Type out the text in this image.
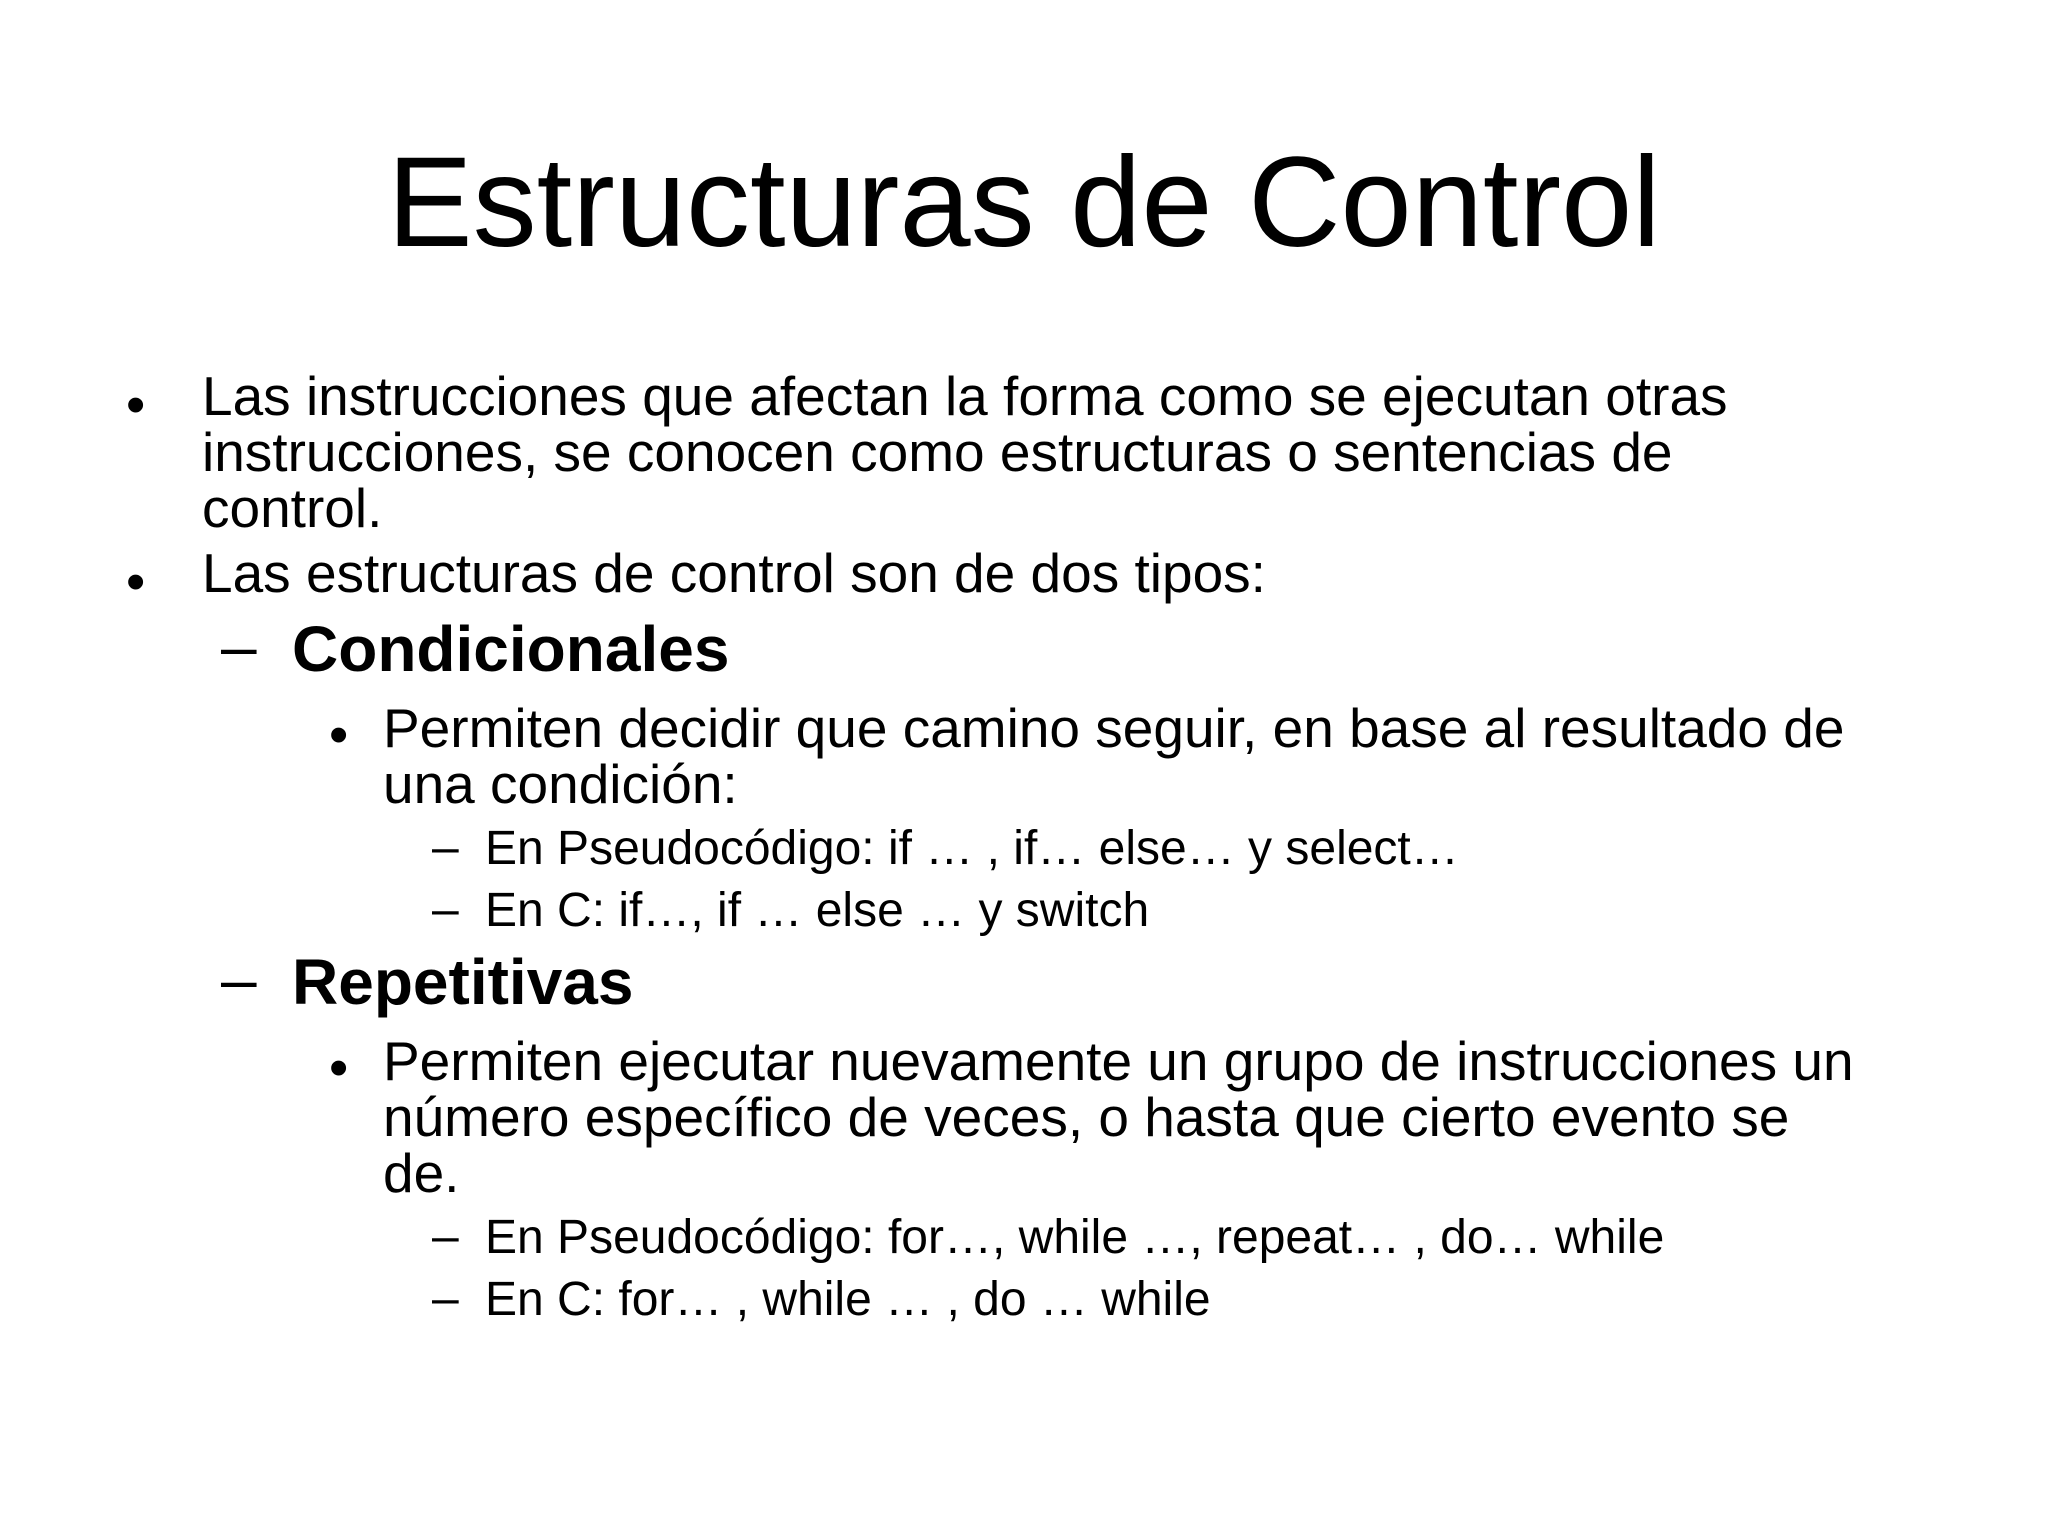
Estructuras de Control
• Las instrucciones que afectan la forma como se ejecutan otras
instrucciones, se conocen como estructuras o sentencias de
control.
• Las estructuras de control son de dos tipos:
– Condicionales
• Permiten decidir que camino seguir, en base al resultado de
una condición:
– En Pseudocódigo: if … , if… else… y select…
– En C: if…, if … else … y switch
– Repetitivas
• Permiten ejecutar nuevamente un grupo de instrucciones un
número específico de veces, o hasta que cierto evento se
de.
– En Pseudocódigo: for…, while …, repeat… , do… while
– En C: for… , while … , do … while
